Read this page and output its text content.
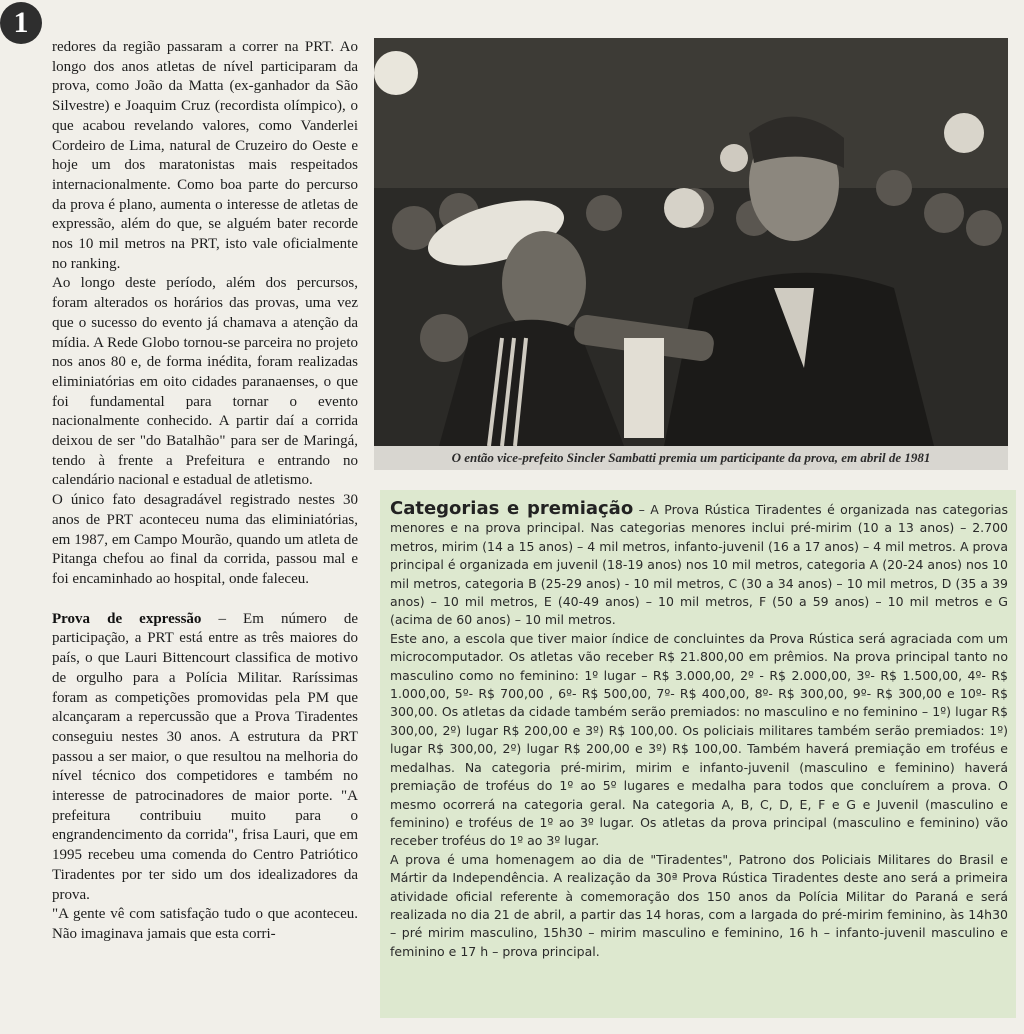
1

redores da região passaram a correr na PRT. Ao longo dos anos atletas de nível participaram da prova, como João da Matta (ex-ganhador da São Silvestre) e Joaquim Cruz (recordista olímpico), o que acabou revelando valores, como Vanderlei Cordeiro de Lima, natural de Cruzeiro do Oeste e hoje um dos maratonistas mais respeitados internacionalmente. Como boa parte do percurso da prova é plano, aumenta o interesse de atletas de expressão, além do que, se alguém bater recorde nos 10 mil metros na PRT, isto vale oficialmente no ranking.

Ao longo deste período, além dos percursos, foram alterados os horários das provas, uma vez que o sucesso do evento já chamava a atenção da mídia. A Rede Globo tornou-se parceira no projeto nos anos 80 e, de forma inédita, foram realizadas eliminiatórias em oito cidades paranaenses, o que foi fundamental para tornar o evento nacionalmente conhecido. A partir daí a corrida deixou de ser "do Batalhão" para ser de Maringá, tendo à frente a Prefeitura e entrando no calendário nacional e estadual de atletismo.

O único fato desagradável registrado nestes 30 anos de PRT aconteceu numa das eliminiatórias, em 1987, em Campo Mourão, quando um atleta de Pitanga chefou ao final da corrida, passou mal e foi encaminhado ao hospital, onde faleceu.

Prova de expressão – Em número de participação, a PRT está entre as três maiores do país, o que Lauri Bittencourt classifica de motivo de orgulho para a Polícia Militar. Raríssimas foram as competições promovidas pela PM que alcançaram a repercussão que a Prova Tiradentes conseguiu nestes 30 anos. A estrutura da PRT passou a ser maior, o que resultou na melhoria do nível técnico dos competidores e também no interesse de patrocinadores de maior porte. "A prefeitura contribuiu muito para o engrandencimento da corrida", frisa Lauri, que em 1995 recebeu uma comenda do Centro Patriótico Tiradentes por ter sido um dos idealizadores da prova.

"A gente vê com satisfação tudo o que aconteceu. Não imaginava jamais que esta corri-

O então vice-prefeito Sincler Sambatti premia um participante da prova, em abril de 1981

Categorias e premiação – A Prova Rústica Tiradentes é organizada nas categorias menores e na prova principal. Nas categorias menores inclui pré-mirim (10 a 13 anos) – 2.700 metros, mirim (14 a 15 anos) – 4 mil metros, infanto-juvenil (16 a 17 anos) – 4 mil metros. A prova principal é organizada em juvenil (18-19 anos) nos 10 mil metros, categoria A (20-24 anos) nos 10 mil metros, categoria B (25-29 anos) - 10 mil metros, C (30 a 34 anos) – 10 mil metros, D (35 a 39 anos) – 10 mil metros, E (40-49 anos) – 10 mil metros, F (50 a 59 anos) – 10 mil metros e G (acima de 60 anos) – 10 mil metros.

Este ano, a escola que tiver maior índice de concluintes da Prova Rústica será agraciada com um microcomputador. Os atletas vão receber R$ 21.800,00 em prêmios. Na prova principal tanto no masculino como no feminino: 1º lugar – R$ 3.000,00, 2º - R$ 2.000,00, 3º- R$ 1.500,00, 4º- R$ 1.000,00, 5º- R$ 700,00 , 6º- R$ 500,00, 7º- R$ 400,00, 8º- R$ 300,00, 9º- R$ 300,00 e 10º- R$ 300,00. Os atletas da cidade também serão premiados: no masculino e no feminino – 1º) lugar R$ 300,00, 2º) lugar R$ 200,00 e 3º) R$ 100,00. Os policiais militares também serão premiados: 1º) lugar R$ 300,00, 2º) lugar R$ 200,00 e 3º) R$ 100,00. Também haverá premiação em troféus e medalhas. Na categoria pré-mirim, mirim e infanto-juvenil (masculino e feminino) haverá premiação de troféus do 1º ao 5º lugares e medalha para todos que concluírem a prova. O mesmo ocorrerá na categoria geral. Na categoria A, B, C, D, E, F e G e Juvenil (masculino e feminino) e troféus de 1º ao 3º lugar. Os atletas da prova principal (masculino e feminino) vão receber troféus do 1º ao 3º lugar.

A prova é uma homenagem ao dia de "Tiradentes", Patrono dos Policiais Militares do Brasil e Mártir da Independência. A realização da 30ª Prova Rústica Tiradentes deste ano será a primeira atividade oficial referente à comemoração dos 150 anos da Polícia Militar do Paraná e será realizada no dia 21 de abril, a partir das 14 horas, com a largada do pré-mirim feminino, às 14h30 – pré mirim masculino, 15h30 – mirim masculino e feminino, 16 h – infanto-juvenil masculino e feminino e 17 h – prova principal.
